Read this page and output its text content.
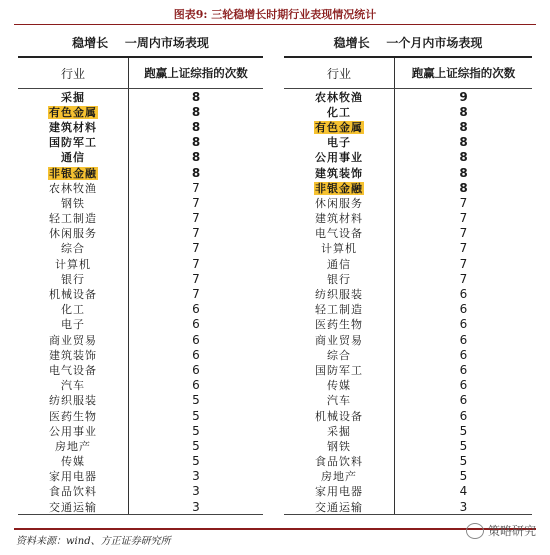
图表9: 三轮稳增长时期行业表现情况统计
稳增长    一周内市场表现
行业	跑赢上证综指的次数
采掘	8
有色金属	8
建筑材料	8
国防军工	8
通信	8
非银金融	8
农林牧渔	7
钢铁	7
轻工制造	7
休闲服务	7
综合	7
计算机	7
银行	7
机械设备	7
化工	6
电子	6
商业贸易	6
建筑装饰	6
电气设备	6
汽车	6
纺织服装	5
医药生物	5
公用事业	5
房地产	5
传媒	5
家用电器	3
食品饮料	3
交通运输	3
稳增长    一个月内市场表现
行业	跑赢上证综指的次数
农林牧渔	9
化工	8
有色金属	8
电子	8
公用事业	8
建筑装饰	8
非银金融	8
休闲服务	7
建筑材料	7
电气设备	7
计算机	7
通信	7
银行	7
纺织服装	6
轻工制造	6
医药生物	6
商业贸易	6
综合	6
国防军工	6
传媒	6
汽车	6
机械设备	6
采掘	5
钢铁	5
食品饮料	5
房地产	5
家用电器	4
交通运输	3
资料来源：wind、方正证券研究所
策略研究
